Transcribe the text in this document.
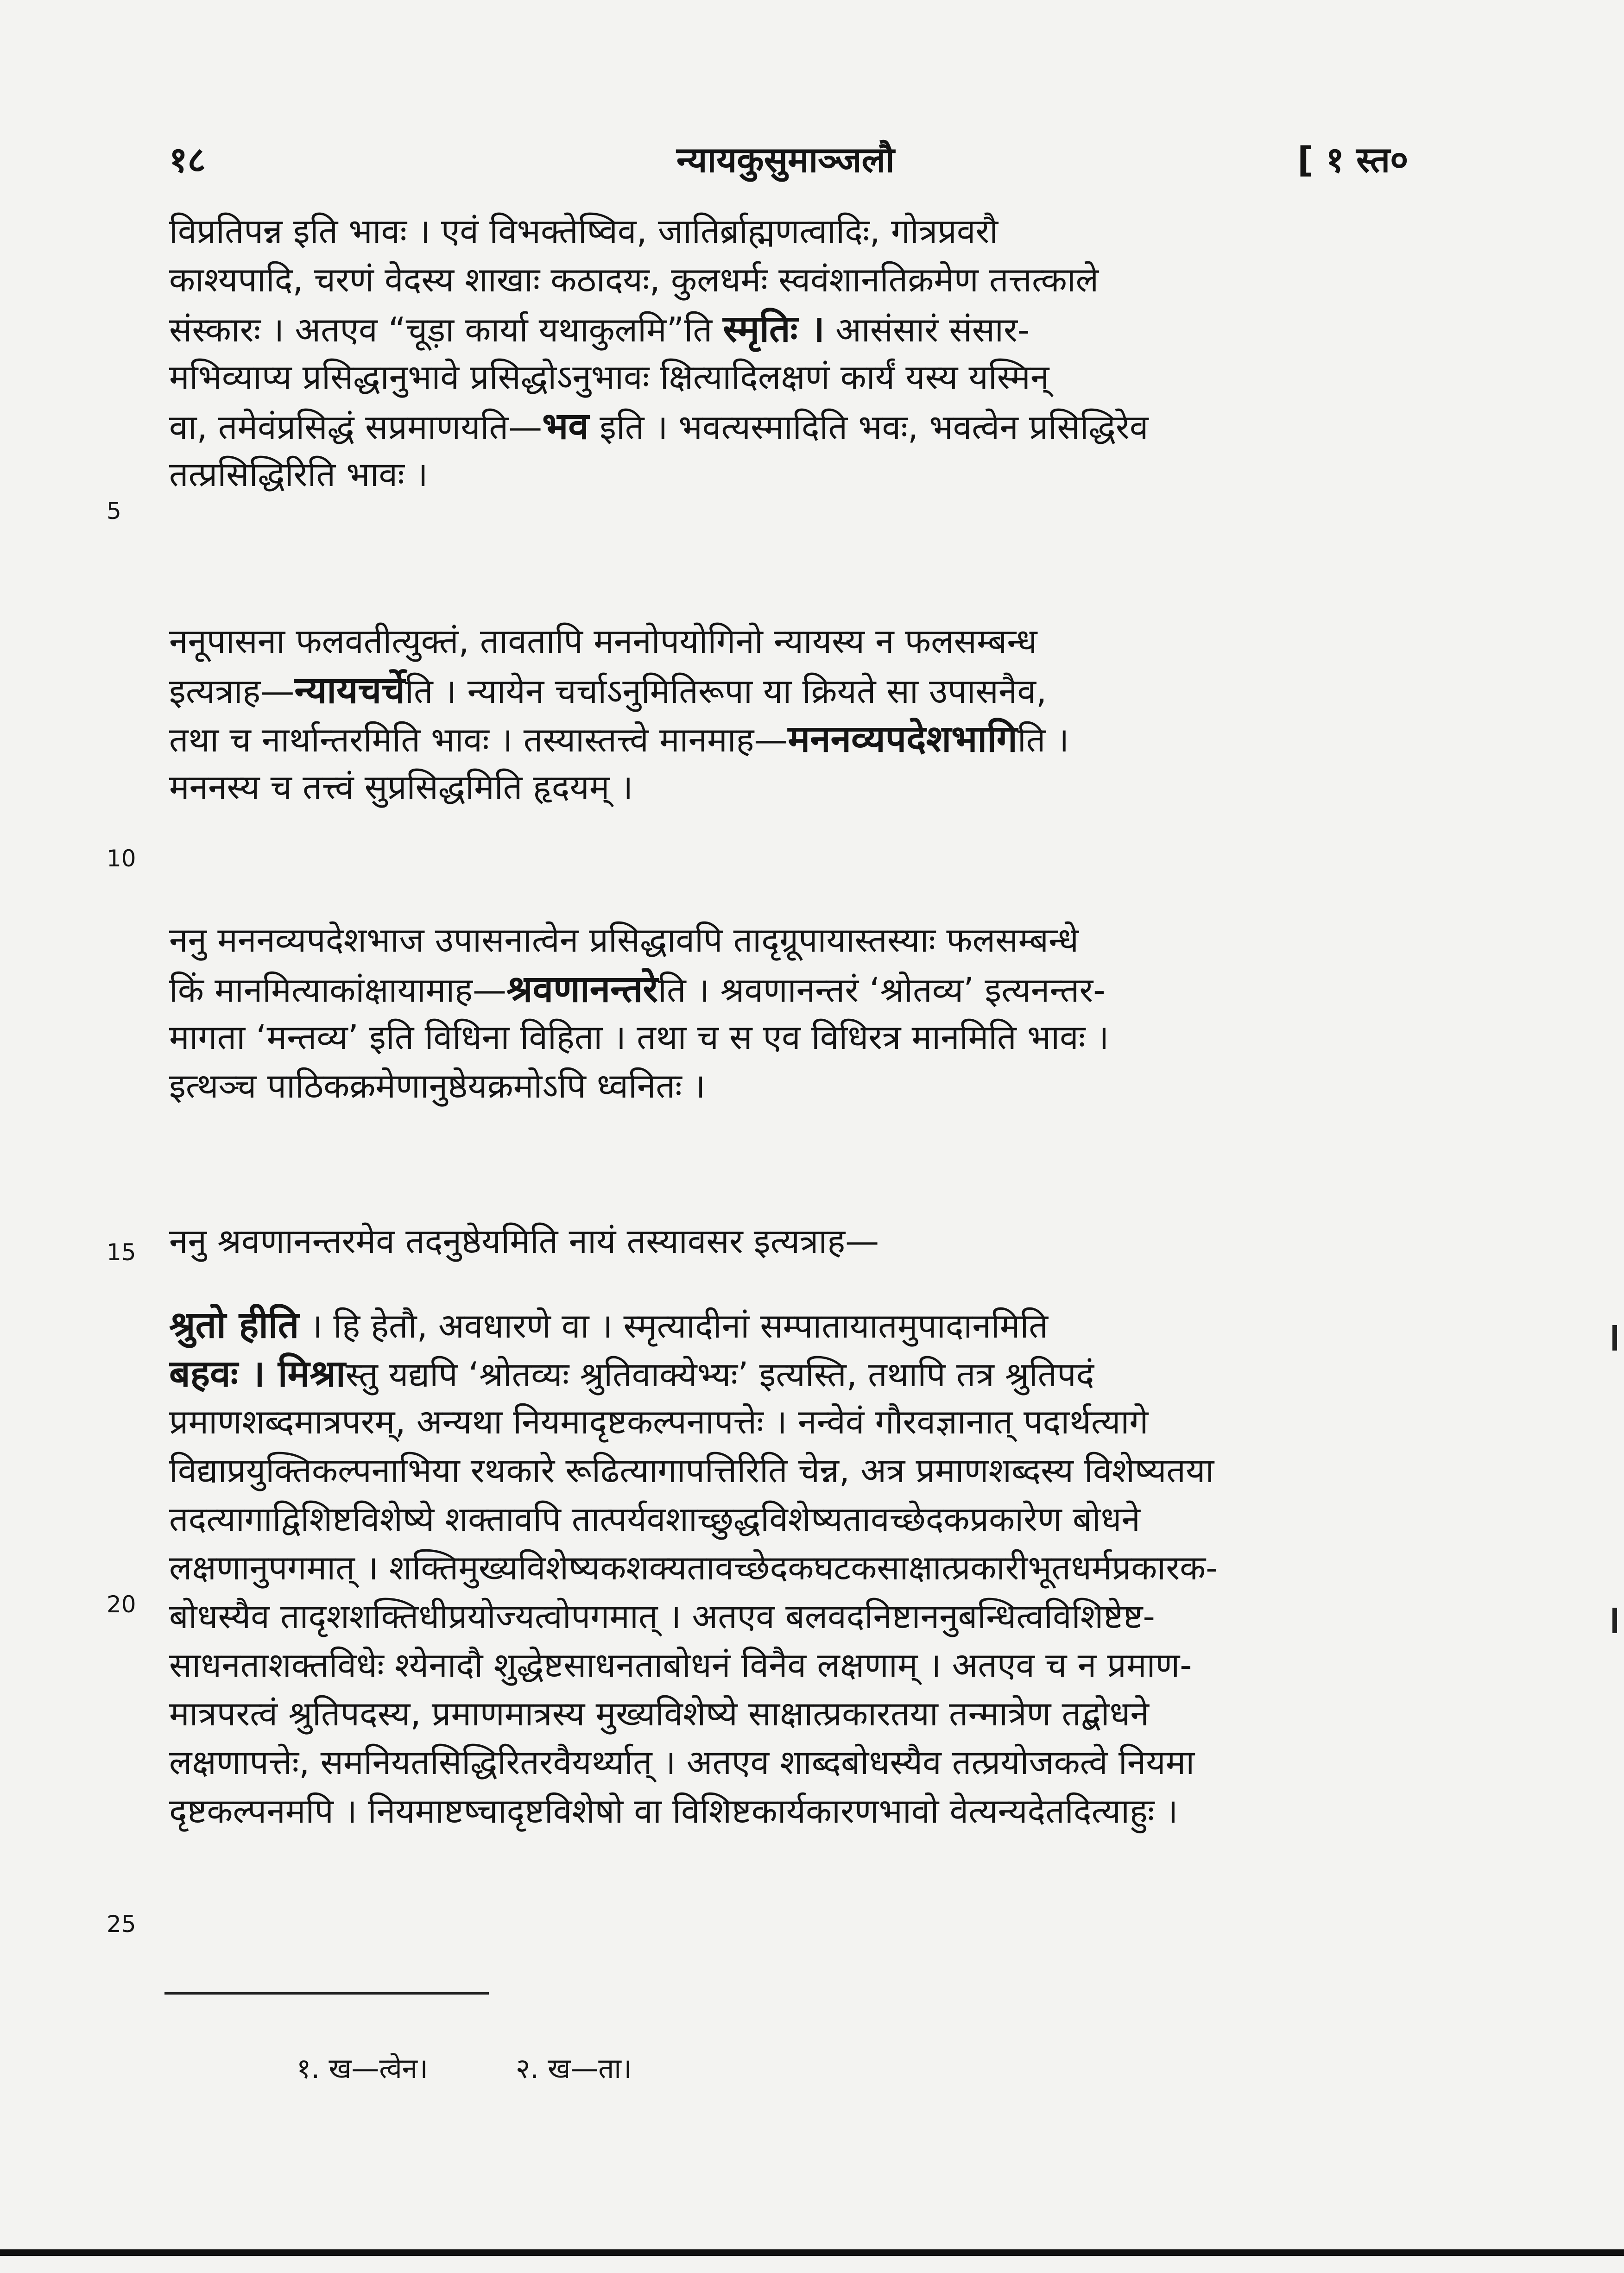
१८	न्यायकुसुमाञ्जलौ	[ १ स्त०
विप्रतिपन्न इति भावः । एवं विभक्तेष्विव, जातिर्ब्राह्मणत्वादिः, गोत्रप्रवरौ
काश्यपादि, चरणं वेदस्य शाखाः कठादयः, कुलधर्मः स्ववंशानतिक्रमेण तत्तत्काले
संस्कारः । अतएव “चूड़ा कार्या यथाकुलमि”ति स्मृतिः । आसंसारं संसार-
मभिव्याप्य प्रसिद्धानुभावे प्रसिद्धोऽनुभावः क्षित्यादिलक्षणं कार्यं यस्य यस्मिन्
वा, तमेवंप्रसिद्धं सप्रमाणयति—भव इति । भवत्यस्मादिति भवः, भवत्वेन प्रसिद्धिरेव
तत्प्रसिद्धिरिति भावः ।
ननूपासना फलवतीत्युक्तं, तावतापि मननोपयोगिनो न्यायस्य न फलसम्बन्ध
इत्यत्राह—न्यायचर्चेति । न्यायेन चर्चाऽनुमितिरूपा या क्रियते सा उपासनैव,
तथा च नार्थान्तरमिति भावः । तस्यास्तत्त्वे मानमाह—मननव्यपदेशभागिति ।
मननस्य च तत्त्वं सुप्रसिद्धमिति हृदयम् ।
ननु मननव्यपदेशभाज उपासनात्वेन प्रसिद्धावपि तादृग्रूपायास्तस्याः फलसम्बन्धे
किं मानमित्याकांक्षायामाह—श्रवणानन्तरेति । श्रवणानन्तरं ‘श्रोतव्य’ इत्यनन्तर-
मागता ‘मन्तव्य’ इति विधिना विहिता । तथा च स एव विधिरत्र मानमिति भावः ।
इत्थञ्च पाठिकक्रमेणानुष्ठेयक्रमोऽपि ध्वनितः ।
ननु श्रवणानन्तरमेव तदनुष्ठेयमिति नायं तस्यावसर इत्यत्राह—
श्रुतो हीति । हि हेतौ, अवधारणे वा । स्मृत्यादीनां सम्पातायातमुपादानमिति
बहवः । मिश्रास्तु यद्यपि ‘श्रोतव्यः श्रुतिवाक्येभ्यः’ इत्यस्ति, तथापि तत्र श्रुतिपदं
प्रमाणशब्दमात्रपरम्, अन्यथा नियमादृष्टकल्पनापत्तेः । नन्वेवं गौरवज्ञानात् पदार्थत्यागे
विद्याप्रयुक्तिकल्पनाभिया रथकारे रूढित्यागापत्तिरिति चेन्न, अत्र प्रमाणशब्दस्य विशेष्यतया
तदत्यागाद्विशिष्टविशेष्ये शक्तावपि तात्पर्यवशाच्छुद्धविशेष्यतावच्छेदकप्रकारेण बोधने
लक्षणानुपगमात् । शक्तिमुख्यविशेष्यकशक्यतावच्छेदकघटकसाक्षात्प्रकारीभूतधर्मप्रकारक-
बोधस्यैव तादृशशक्तिधीप्रयोज्यत्वोपगमात् । अतएव बलवदनिष्टाननुबन्धित्वविशिष्टेष्ट-
साधनताशक्तविधेः श्येनादौ शुद्धेष्टसाधनताबोधनं विनैव लक्षणाम् । अतएव च न प्रमाण-
मात्रपरत्वं श्रुतिपदस्य, प्रमाणमात्रस्य मुख्यविशेष्ये साक्षात्प्रकारतया तन्मात्रेण तद्बोधने
लक्षणापत्तेः, समनियतसिद्धिरितरवैयर्थ्यात् । अतएव शाब्दबोधस्यैव तत्प्रयोजकत्वे नियमा
दृष्टकल्पनमपि । नियमाष्टष्चादृष्टविशेषो वा विशिष्टकार्यकारणभावो वेत्यन्यदेतदित्याहुः ।
5
10
15
20
25
१. ख—त्वेन।	२. ख—ता।
